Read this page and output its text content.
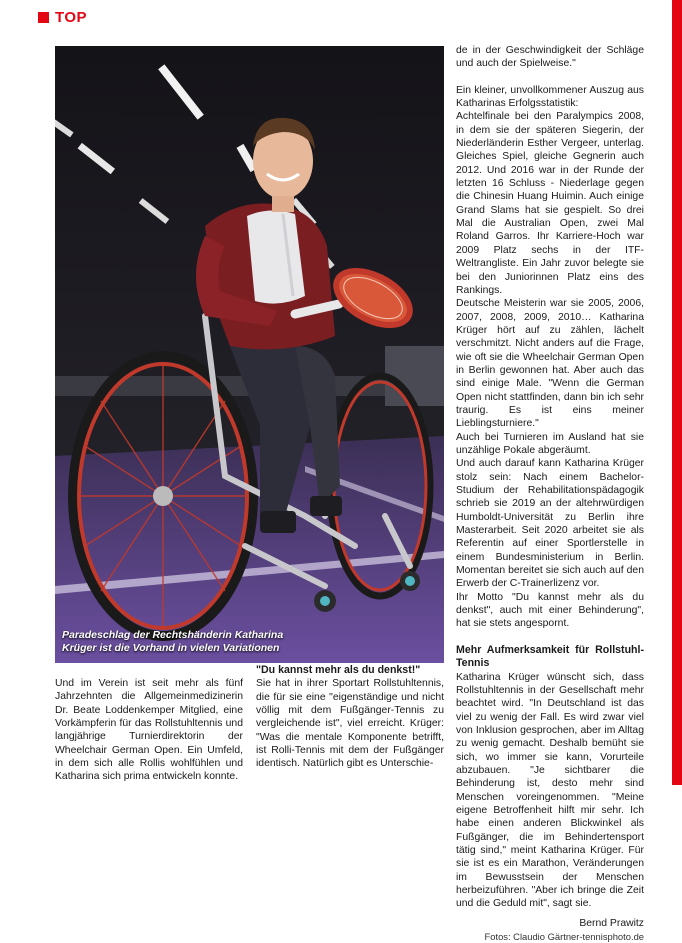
TOP
Paradeschlag der Rechtshänderin Katharina
Krüger ist die Vorhand in vielen Variationen

Und im Verein ist seit mehr als fünf Jahrzehnten die Allgemeinmedizinerin Dr. Beate Loddenkemper Mitglied, eine Vorkämpferin für das Rollstuhltennis und langjährige Turnierdirektorin der Wheelchair German Open. Ein Umfeld, in dem sich alle Rollis wohlfühlen und Katharina sich prima entwickeln konnte.

"Du kannst mehr als du denkst!"

Sie hat in ihrer Sportart Rollstuhltennis, die für sie eine "eigenständige und nicht völlig mit dem Fußgänger-Tennis zu vergleichende ist", viel erreicht. Krüger: "Was die mentale Komponente betrifft, ist Rolli-Tennis mit dem der Fußgänger identisch. Natürlich gibt es Unterschie-

de in der Geschwindigkeit der Schläge und auch der Spielweise."

Ein kleiner, unvollkommener Auszug aus Katharinas Erfolgsstatistik:

Achtelfinale bei den Paralympics 2008, in dem sie der späteren Siegerin, der Niederländerin Esther Vergeer, unterlag. Gleiches Spiel, gleiche Gegnerin auch 2012. Und 2016 war in der Runde der letzten 16 Schluss - Niederlage gegen die Chinesin Huang Huimin. Auch einige Grand Slams hat sie gespielt. So drei Mal die Australian Open, zwei Mal Roland Garros. Ihr Karriere-Hoch war 2009 Platz sechs in der ITF-Weltrangliste. Ein Jahr zuvor belegte sie bei den Juniorinnen Platz eins des Rankings.

Deutsche Meisterin war sie 2005, 2006, 2007, 2008, 2009, 2010… Katharina Krüger hört auf zu zählen, lächelt verschmitzt. Nicht anders auf die Frage, wie oft sie die Wheelchair German Open in Berlin gewonnen hat. Aber auch das sind einige Male. "Wenn die German Open nicht stattfinden, dann bin ich sehr traurig. Es ist eins meiner Lieblingsturniere."

Auch bei Turnieren im Ausland hat sie unzählige Pokale abgeräumt.

Und auch darauf kann Katharina Krüger stolz sein: Nach einem Bachelor-Studium der Rehabilitationspädagogik schrieb sie 2019 an der altehrwürdigen Humboldt-Universität zu Berlin ihre Masterarbeit. Seit 2020 arbeitet sie als Referentin auf einer Sportlerstelle in einem Bundesministerium in Berlin. Momentan bereitet sie sich auch auf den Erwerb der C-Trainerlizenz vor.

Ihr Motto "Du kannst mehr als du denkst", auch mit einer Behinderung", hat sie stets angespornt.

Mehr Aufmerksamkeit für Rollstuhl-Tennis

Katharina Krüger wünscht sich, dass Rollstuhltennis in der Gesellschaft mehr beachtet wird. "In Deutschland ist das viel zu wenig der Fall. Es wird zwar viel von Inklusion gesprochen, aber im Alltag zu wenig gemacht. Deshalb bemüht sie sich, wo immer sie kann, Vorurteile abzubauen. "Je sichtbarer die Behinderung ist, desto mehr sind Menschen voreingenommen. "Meine eigene Betroffenheit hilft mir sehr. Ich habe einen anderen Blickwinkel als Fußgänger, die im Behindertensport tätig sind," meint Katharina Krüger. Für sie ist es ein Marathon, Veränderungen im Bewusstsein der Menschen herbeizuführen. "Aber ich bringe die Zeit und die Geduld mit", sagt sie.

Bernd Prawitz

Fotos: Claudio Gärtner-tennisphoto.de
